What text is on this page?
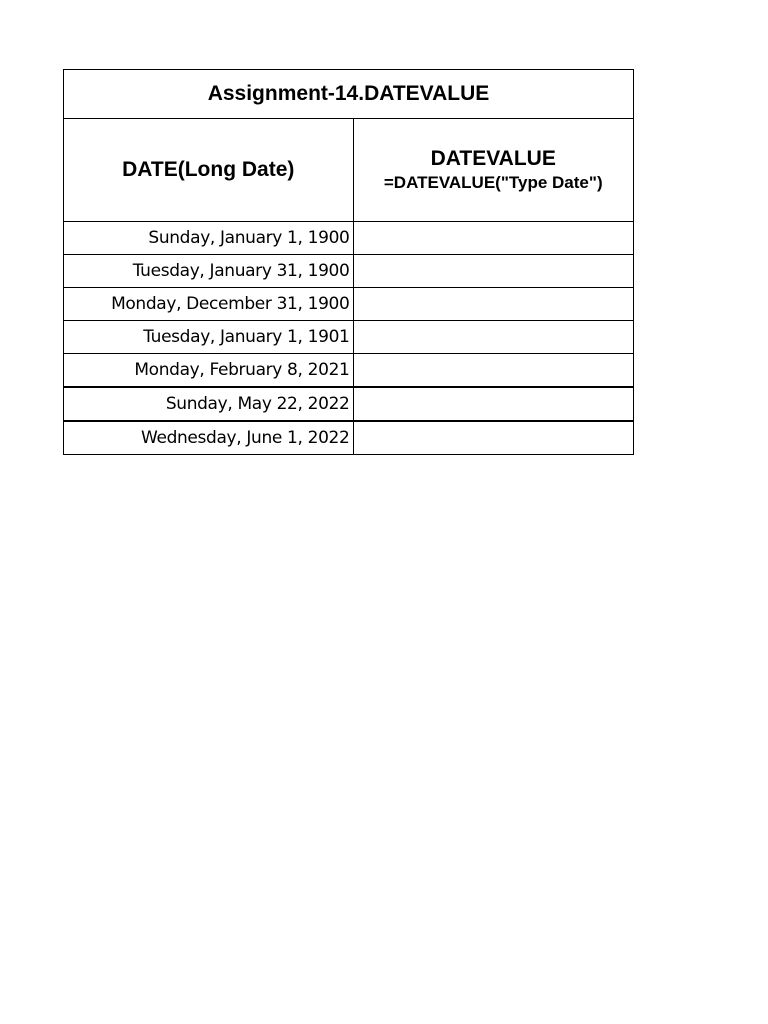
Assignment-14.DATEVALUE	
DATE(Long Date)	DATEVALUE
=DATEVALUE("Type Date")

Sunday, January 1, 1900	
Tuesday, January 31, 1900	
Monday, December 31, 1900	
Tuesday, January 1, 1901	
Monday, February 8, 2021	
Sunday, May 22, 2022	
Wednesday, June 1, 2022	
